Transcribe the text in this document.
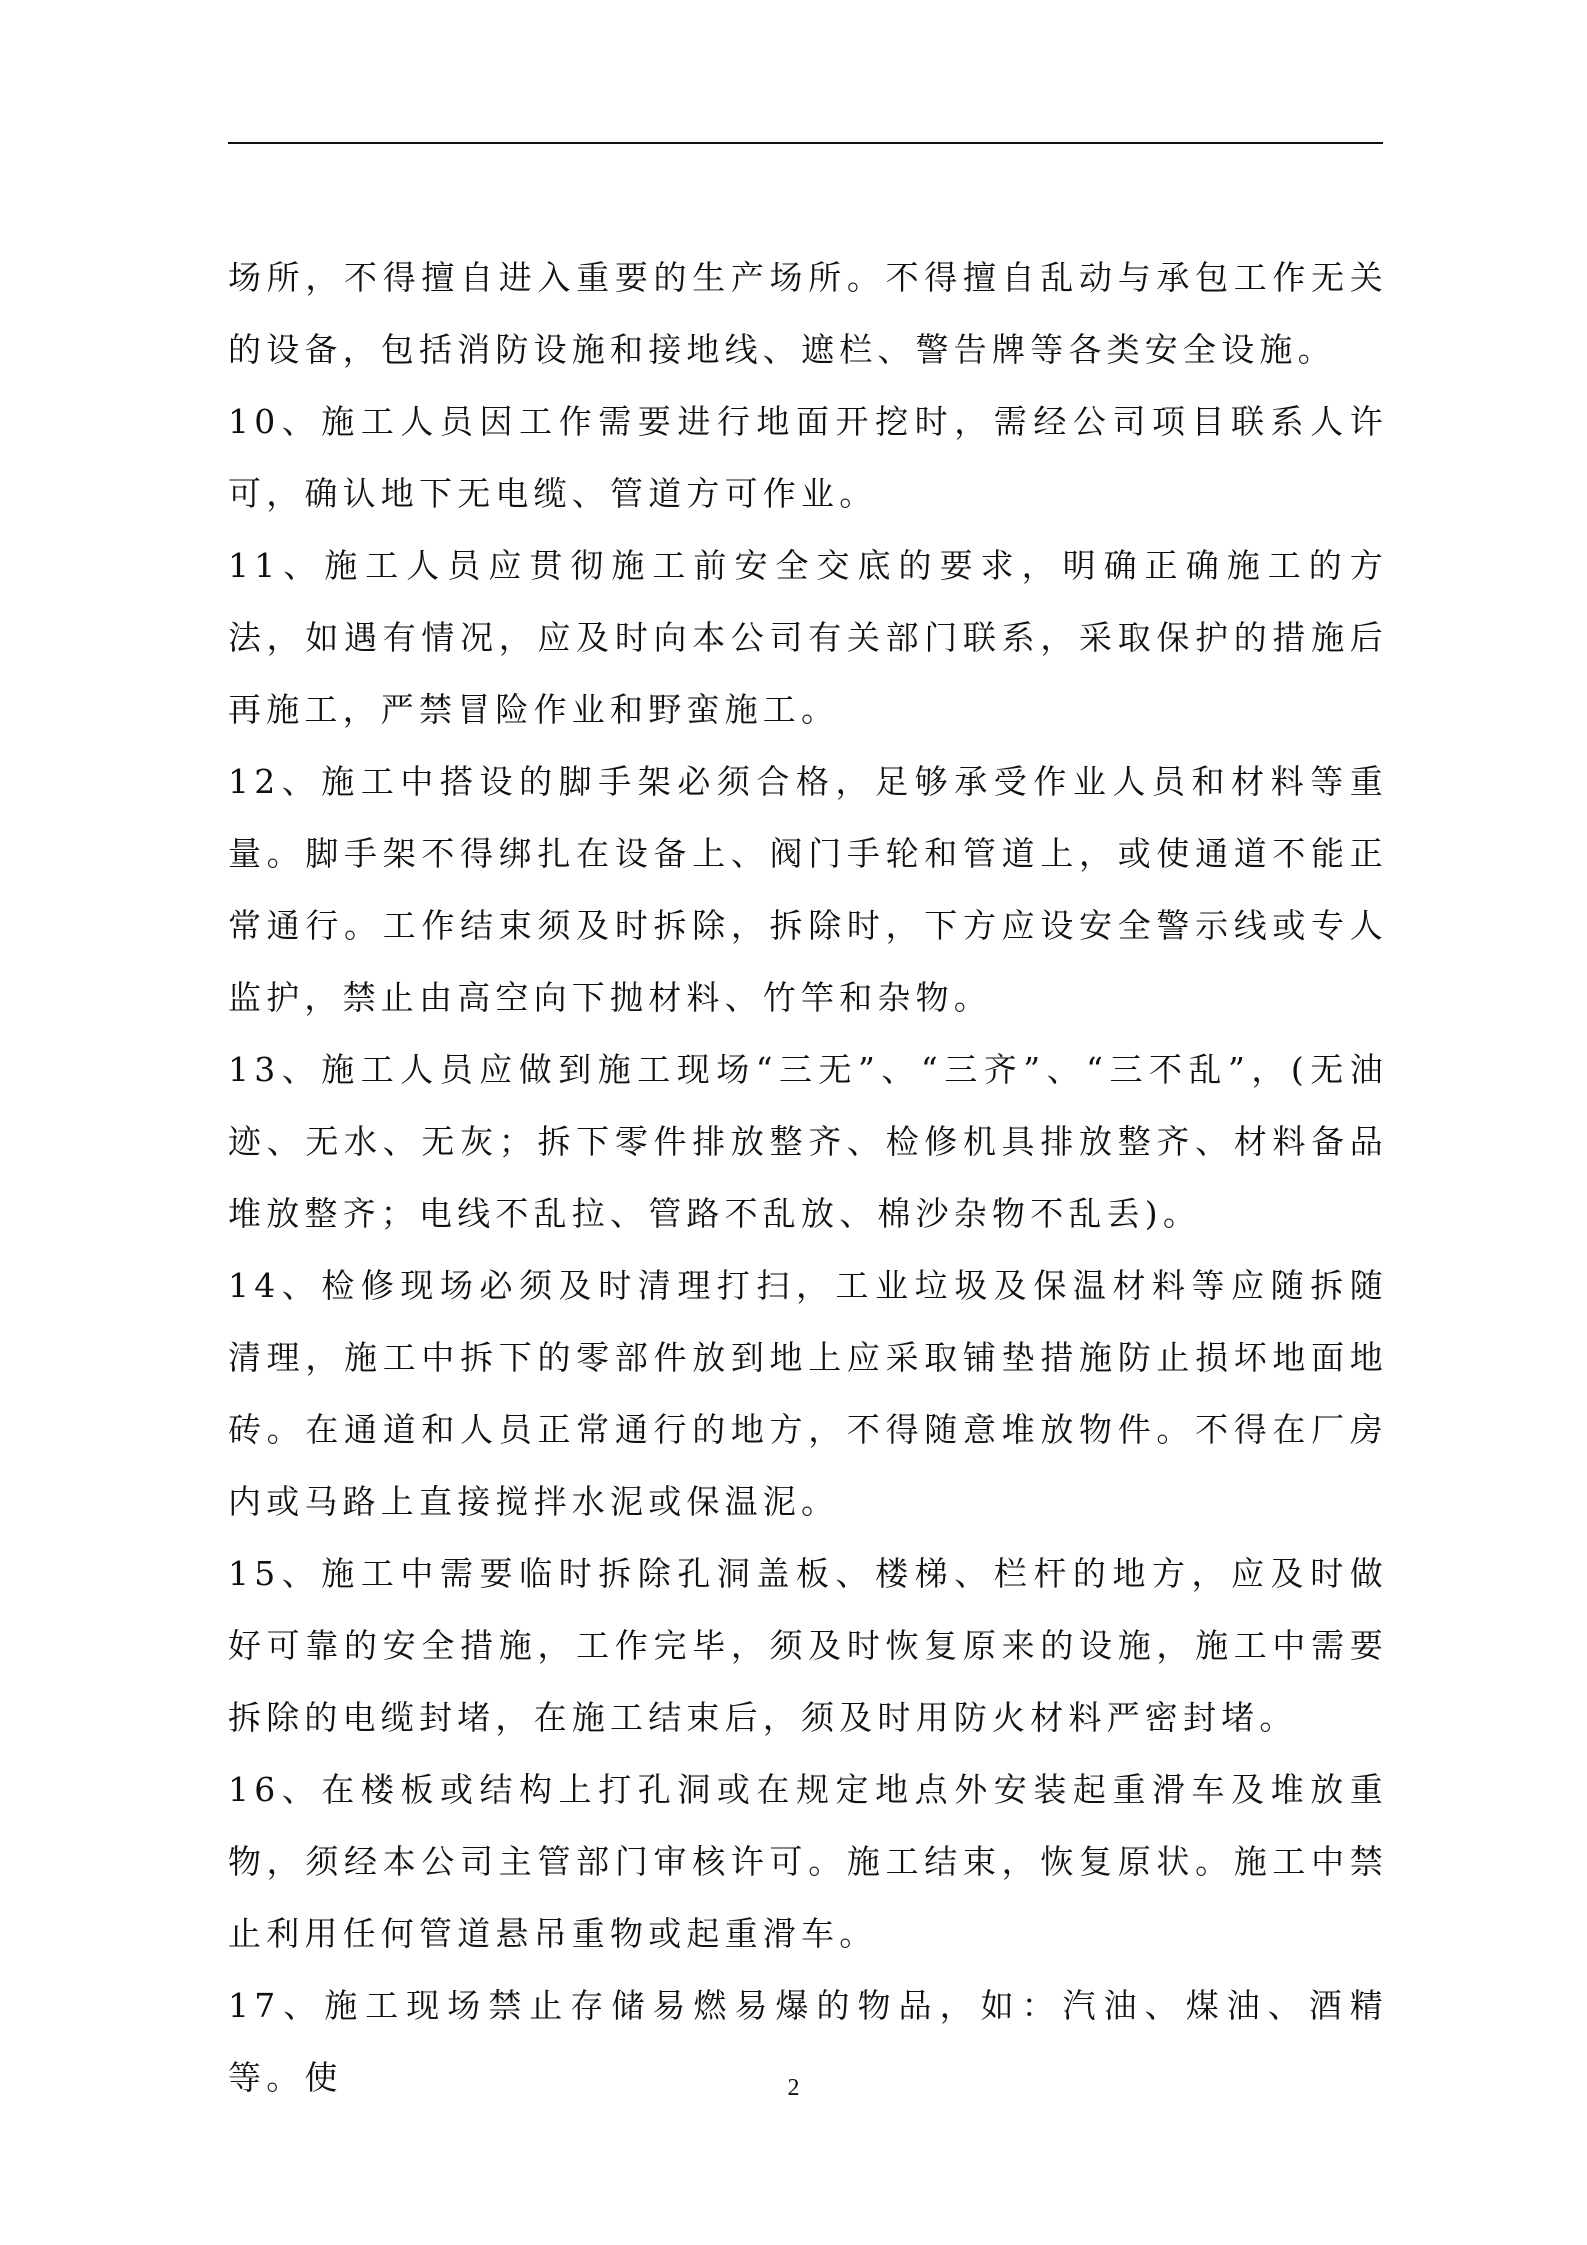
场所，不得擅自进入重要的生产场所。不得擅自乱动与承包工作无关的设备，包括消防设施和接地线、遮栏、警告牌等各类安全设施。

10、施工人员因工作需要进行地面开挖时，需经公司项目联系人许可，确认地下无电缆、管道方可作业。

11、施工人员应贯彻施工前安全交底的要求，明确正确施工的方法，如遇有情况，应及时向本公司有关部门联系，采取保护的措施后再施工，严禁冒险作业和野蛮施工。

12、施工中搭设的脚手架必须合格，足够承受作业人员和材料等重量。脚手架不得绑扎在设备上、阀门手轮和管道上，或使通道不能正常通行。工作结束须及时拆除，拆除时，下方应设安全警示线或专人监护，禁止由高空向下抛材料、竹竿和杂物。

13、施工人员应做到施工现场“三无”、“三齐”、“三不乱”，(无油迹、无水、无灰；拆下零件排放整齐、检修机具排放整齐、材料备品堆放整齐；电线不乱拉、管路不乱放、棉沙杂物不乱丢)。

14、检修现场必须及时清理打扫，工业垃圾及保温材料等应随拆随清理，施工中拆下的零部件放到地上应采取铺垫措施防止损坏地面地砖。在通道和人员正常通行的地方，不得随意堆放物件。不得在厂房内或马路上直接搅拌水泥或保温泥。

15、施工中需要临时拆除孔洞盖板、楼梯、栏杆的地方，应及时做好可靠的安全措施，工作完毕，须及时恢复原来的设施，施工中需要拆除的电缆封堵，在施工结束后，须及时用防火材料严密封堵。

16、在楼板或结构上打孔洞或在规定地点外安装起重滑车及堆放重物，须经本公司主管部门审核许可。施工结束，恢复原状。施工中禁止利用任何管道悬吊重物或起重滑车。

17、施工现场禁止存储易燃易爆的物品，如：汽油、煤油、酒精等。使	2
